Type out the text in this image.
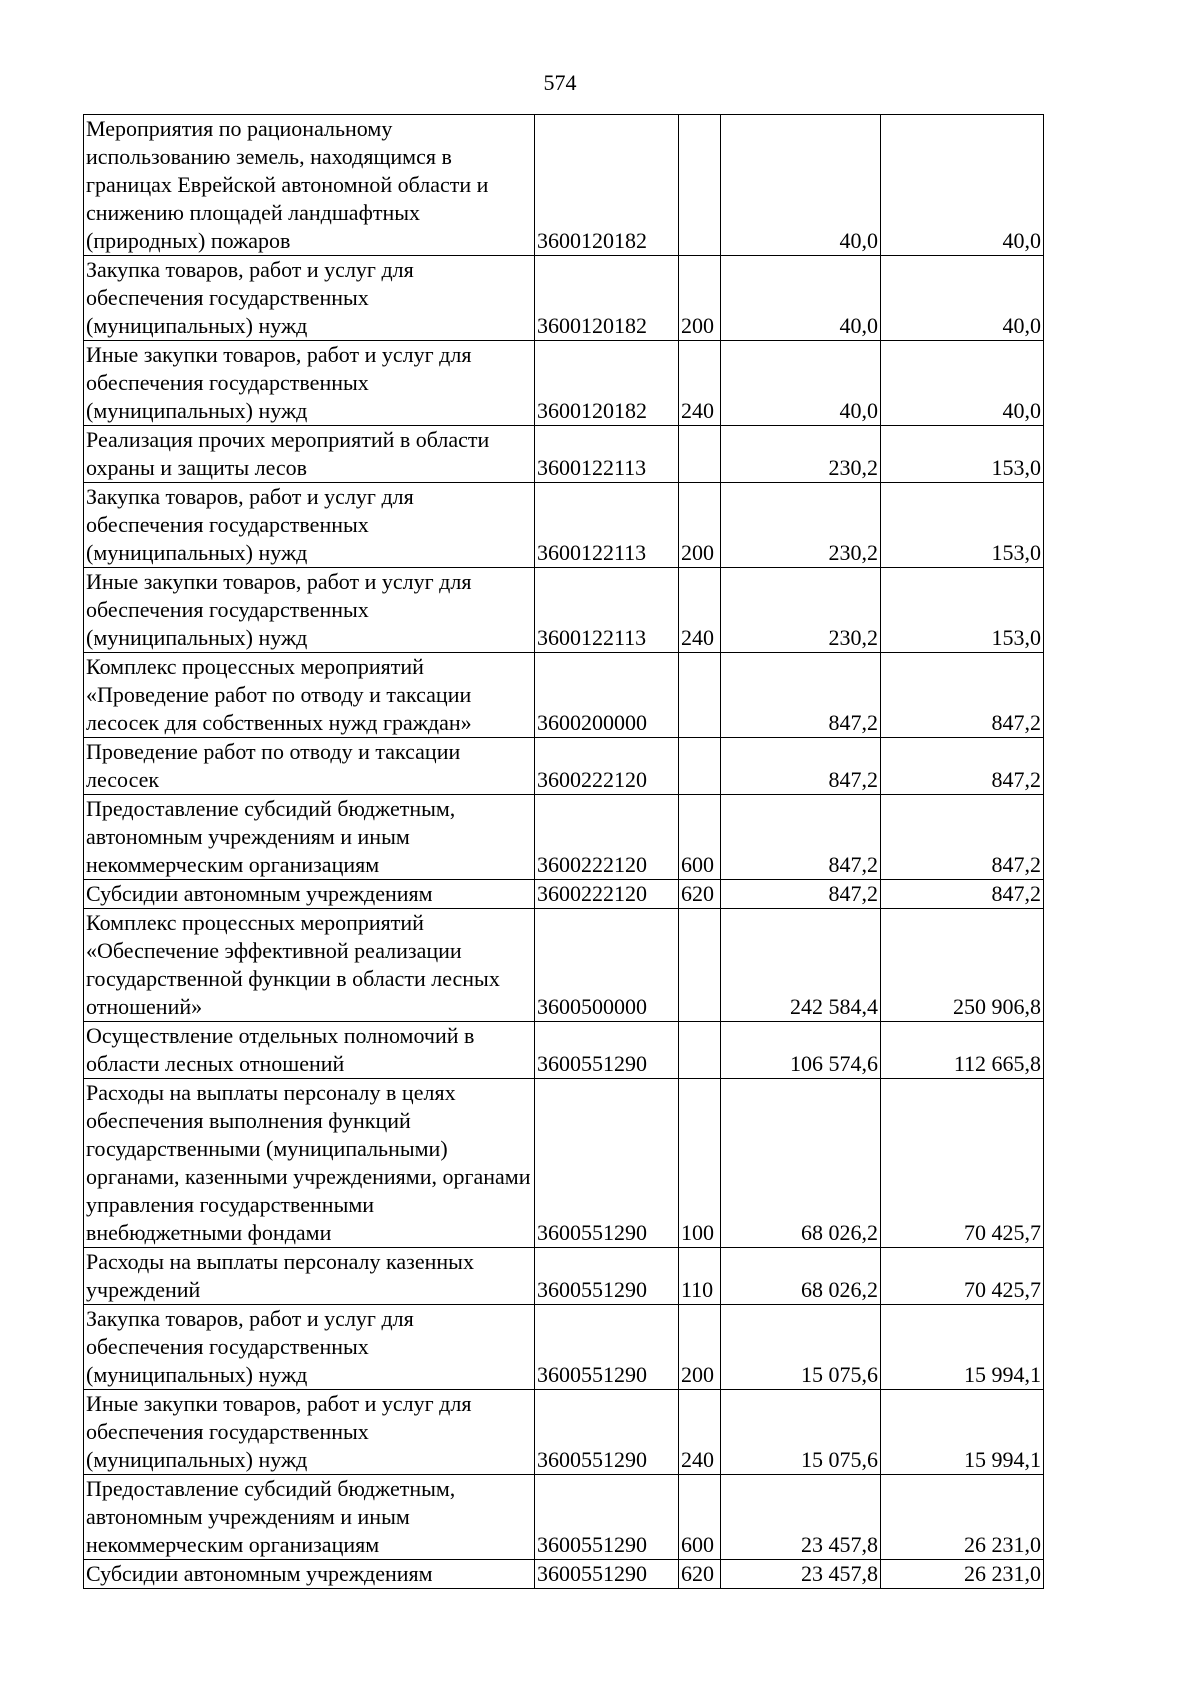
574
Мероприятия по рациональному использованию земель, находящимся в границах Еврейской автономной области и снижению площадей ландшафтных (природных) пожаров	3600120182		40,0	40,0
Закупка товаров, работ и услуг для обеспечения государственных (муниципальных) нужд	3600120182	200	40,0	40,0
Иные закупки товаров, работ и услуг для обеспечения государственных (муниципальных) нужд	3600120182	240	40,0	40,0
Реализация прочих мероприятий в области охраны и защиты лесов	3600122113		230,2	153,0
Закупка товаров, работ и услуг для обеспечения государственных (муниципальных) нужд	3600122113	200	230,2	153,0
Иные закупки товаров, работ и услуг для обеспечения государственных (муниципальных) нужд	3600122113	240	230,2	153,0
Комплекс процессных мероприятий «Проведение работ по отводу и таксации лесосек для собственных нужд граждан»	3600200000		847,2	847,2
Проведение работ по отводу и таксации лесосек	3600222120		847,2	847,2
Предоставление субсидий бюджетным, автономным учреждениям и иным некоммерческим организациям	3600222120	600	847,2	847,2
Субсидии автономным учреждениям	3600222120	620	847,2	847,2
Комплекс процессных мероприятий «Обеспечение эффективной реализации государственной функции в области лесных отношений»	3600500000		242 584,4	250 906,8
Осуществление отдельных полномочий в области лесных отношений	3600551290		106 574,6	112 665,8
Расходы на выплаты персоналу в целях обеспечения выполнения функций государственными (муниципальными) органами, казенными учреждениями, органами управления государственными внебюджетными фондами	3600551290	100	68 026,2	70 425,7
Расходы на выплаты персоналу казенных учреждений	3600551290	110	68 026,2	70 425,7
Закупка товаров, работ и услуг для обеспечения государственных (муниципальных) нужд	3600551290	200	15 075,6	15 994,1
Иные закупки товаров, работ и услуг для обеспечения государственных (муниципальных) нужд	3600551290	240	15 075,6	15 994,1
Предоставление субсидий бюджетным, автономным учреждениям и иным некоммерческим организациям	3600551290	600	23 457,8	26 231,0
Субсидии автономным учреждениям	3600551290	620	23 457,8	26 231,0
